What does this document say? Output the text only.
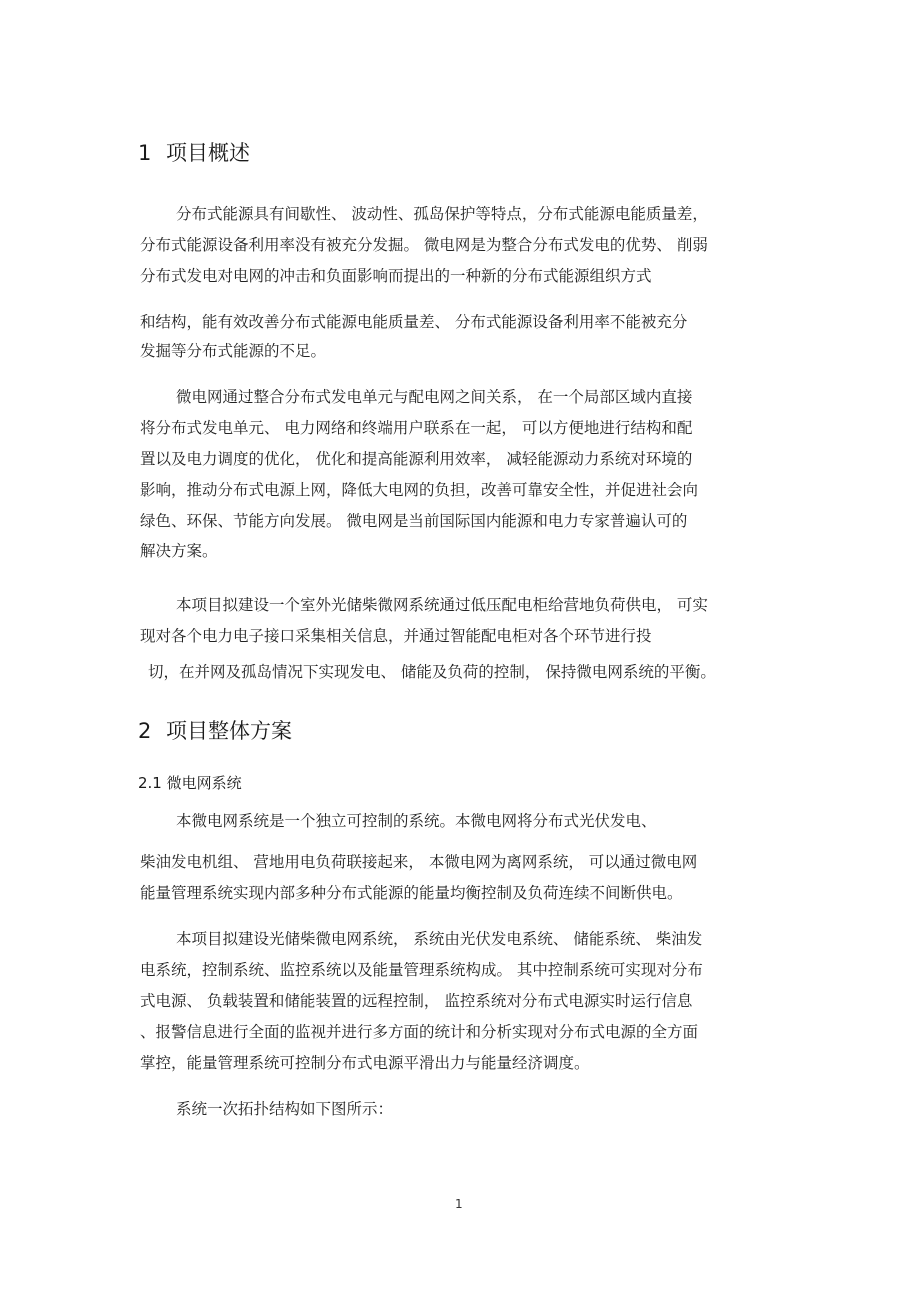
1 项目概述
分布式能源具有间歇性、 波动性、孤岛保护等特点，分布式能源电能质量差，
分布式能源设备利用率没有被充分发掘。 微电网是为整合分布式发电的优势、 削弱
分布式发电对电网的冲击和负面影响而提出的一种新的分布式能源组织方式
和结构，能有效改善分布式能源电能质量差、 分布式能源设备利用率不能被充分
发掘等分布式能源的不足。
微电网通过整合分布式发电单元与配电网之间关系， 在一个局部区域内直接
将分布式发电单元、 电力网络和终端用户联系在一起， 可以方便地进行结构和配
置以及电力调度的优化， 优化和提高能源利用效率， 减轻能源动力系统对环境的
影响，推动分布式电源上网，降低大电网的负担，改善可靠安全性，并促进社会向
绿色、环保、节能方向发展。 微电网是当前国际国内能源和电力专家普遍认可的
解决方案。
本项目拟建设一个室外光储柴微网系统通过低压配电柜给营地负荷供电， 可实
现对各个电力电子接口采集相关信息，并通过智能配电柜对各个环节进行投
切，在并网及孤岛情况下实现发电、 储能及负荷的控制， 保持微电网系统的平衡。
2 项目整体方案
2.1 微电网系统
本微电网系统是一个独立可控制的系统。本微电网将分布式光伏发电、
柴油发电机组、 营地用电负荷联接起来， 本微电网为离网系统， 可以通过微电网
能量管理系统实现内部多种分布式能源的能量均衡控制及负荷连续不间断供电。
本项目拟建设光储柴微电网系统， 系统由光伏发电系统、 储能系统、 柴油发
电系统，控制系统、监控系统以及能量管理系统构成。 其中控制系统可实现对分布
式电源、 负载装置和储能装置的远程控制， 监控系统对分布式电源实时运行信息
、报警信息进行全面的监视并进行多方面的统计和分析实现对分布式电源的全方面
掌控，能量管理系统可控制分布式电源平滑出力与能量经济调度。
系统一次拓扑结构如下图所示：
1
